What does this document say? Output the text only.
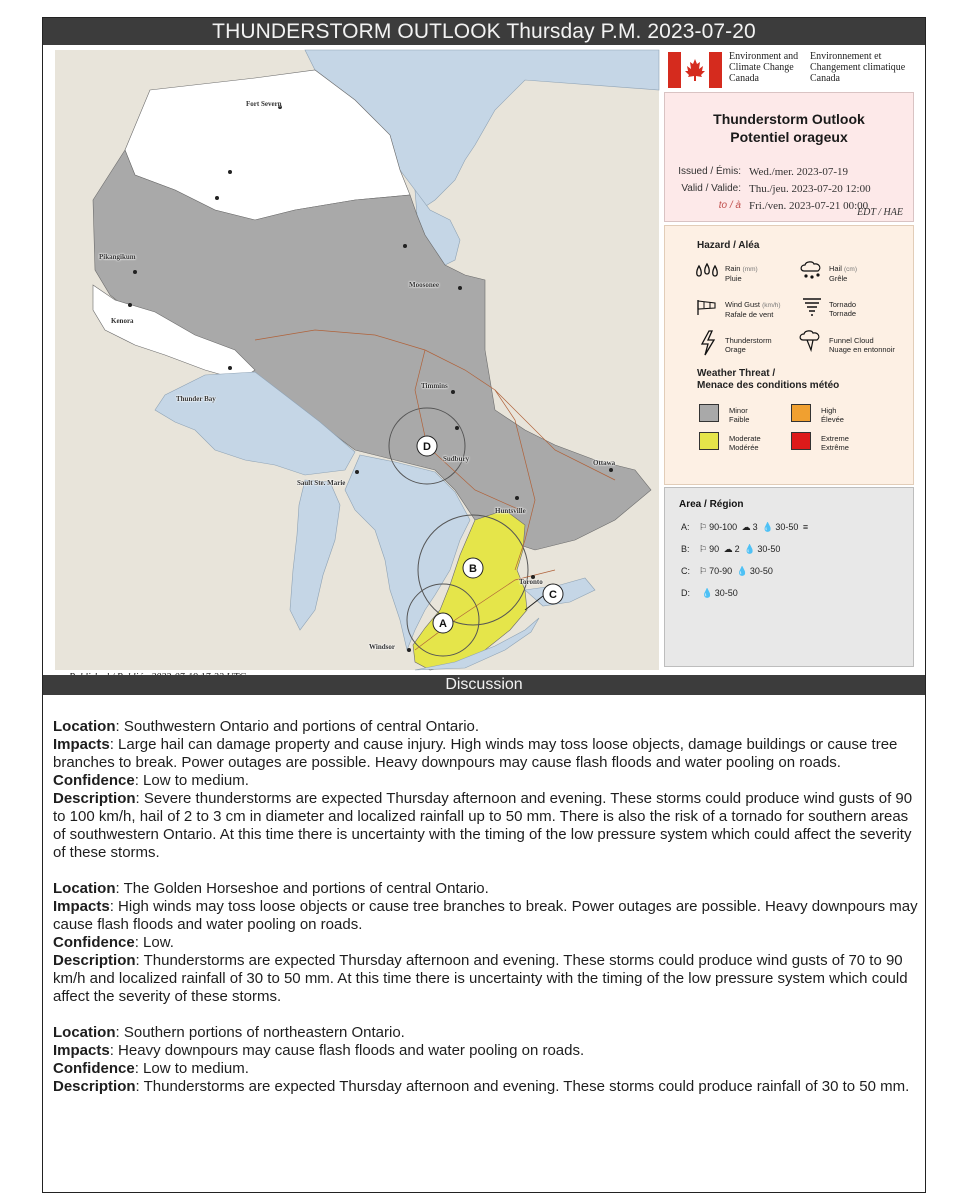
THUNDERSTORM OUTLOOK Thursday P.M. 2023-07-20
D
B
A
C
Fort Severn
Pikangikum
Kenora
Moosonee
Thunder Bay
Timmins
Sudbury
Sault Ste. Marie
Huntsville
Ottawa
Toronto
Windsor
Environment and Climate Change Canada
Environnement et Changement climatique Canada
Thunderstorm Outlook
Potentiel orageux
Issued / Émis: Wed./mer. 2023-07-19
Valid / Valide: Thu./jeu. 2023-07-20 12:00
to / à Fri./ven. 2023-07-21 00:00
EDT / HAE
Hazard / Aléa
Rain (mm)
Pluie
Hail (cm)
Grêle
Wind Gust (km/h)
Rafale de vent
Tornado
Tornade
Thunderstorm
Orage
Funnel Cloud
Nuage en entonnoir
Weather Threat /
Menace des conditions météo
Minor
Faible
High
Élevée
Moderate
Modérée
Extreme
Extrême
Area / Région
A: ⚐ 90-100 ☁ 3 💧 30-50 ≡
B: ⚐ 90 ☁ 2 💧 30-50
C: ⚐ 70-90 💧 30-50
D: 💧 30-50
Discussion

Location: Southwestern Ontario and portions of central Ontario.

Impacts: Large hail can damage property and cause injury. High winds may toss loose objects, damage buildings or cause tree branches to break. Power outages are possible. Heavy downpours may cause flash floods and water pooling on roads.

Confidence: Low to medium.

Description: Severe thunderstorms are expected Thursday afternoon and evening. These storms could produce wind gusts of 90 to 100 km/h, hail of 2 to 3 cm in diameter and localized rainfall up to 50 mm. There is also the risk of a tornado for southern areas of southwestern Ontario. At this time there is uncertainty with the timing of the low pressure system which could affect the severity of these storms.

Location: The Golden Horseshoe and portions of central Ontario.

Impacts: High winds may toss loose objects or cause tree branches to break. Power outages are possible. Heavy downpours may cause flash floods and water pooling on roads.

Confidence: Low.

Description: Thunderstorms are expected Thursday afternoon and evening. These storms could produce wind gusts of 70 to 90 km/h and localized rainfall of 30 to 50 mm. At this time there is uncertainty with the timing of the low pressure system which could affect the severity of these storms.

Location: Southern portions of northeastern Ontario.

Impacts: Heavy downpours may cause flash floods and water pooling on roads.

Confidence: Low to medium.

Description: Thunderstorms are expected Thursday afternoon and evening. These storms could produce rainfall of 30 to 50 mm.
